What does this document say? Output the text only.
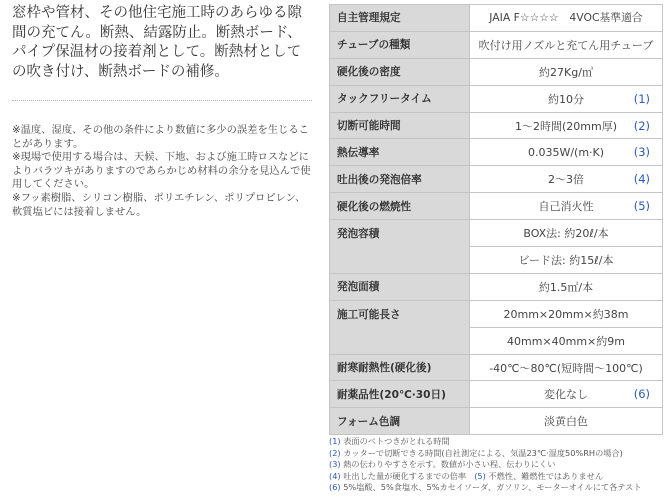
窓枠や管材、その他住宅施工時のあらゆる隙間の充てん。断熱、結露防止。断熱ボード、パイプ保温材の接着剤として。断熱材としての吹き付け、断熱ボードの補修。
※温度、湿度、その他の条件により数値に多少の誤差を生じることがあります。
※現場で使用する場合は、天候、下地、および施工時ロスなどによりバラツキがありますのであらかじめ材料の余分を見込んで使用してください。
※フッ素樹脂、シリコン樹脂、ポリエチレン、ポリプロピレン、軟質塩ビには接着しません。
自主管理規定	JAIA F☆☆☆☆　4VOC基準適合
チューブの種類	吹付け用ノズルと充てん用チューブ
硬化後の密度	約27Kg/㎥
タックフリータイム	約10分 (1)

切断可能時間	1〜2時間(20mm厚) (2)

熱伝導率	0.035W/(m·K) (3)

吐出後の発泡倍率	2〜3倍 (4)

硬化後の燃焼性	自己消火性 (5)

発泡容積	BOX法: 約20ℓ/本
	ビード法: 約15ℓ/本
発泡面積	約1.5㎡/本
施工可能長さ	20mm×20mm×約38m
	40mm×40mm×約9m
耐寒耐熱性(硬化後)	-40℃〜80℃(短時間〜100℃)
耐薬品性(20℃·30日)	変化なし (6)

フォーム色調	淡黄白色
(1) 表面のベトつきがとれる時間
(2) カッターで切断できる時間(自社測定による、気温23℃·湿度50%RHの場合)
(3) 熱の伝わりやすさを示す。数値が小さい程、伝わりにくい
(4) 吐出した量が硬化するまでの倍率　(5) 不燃性、難燃性ではありません
(6) 5%塩酸、5%食塩水、5%カセイソーダ、ガソリン、モーターオイルにて各テスト
